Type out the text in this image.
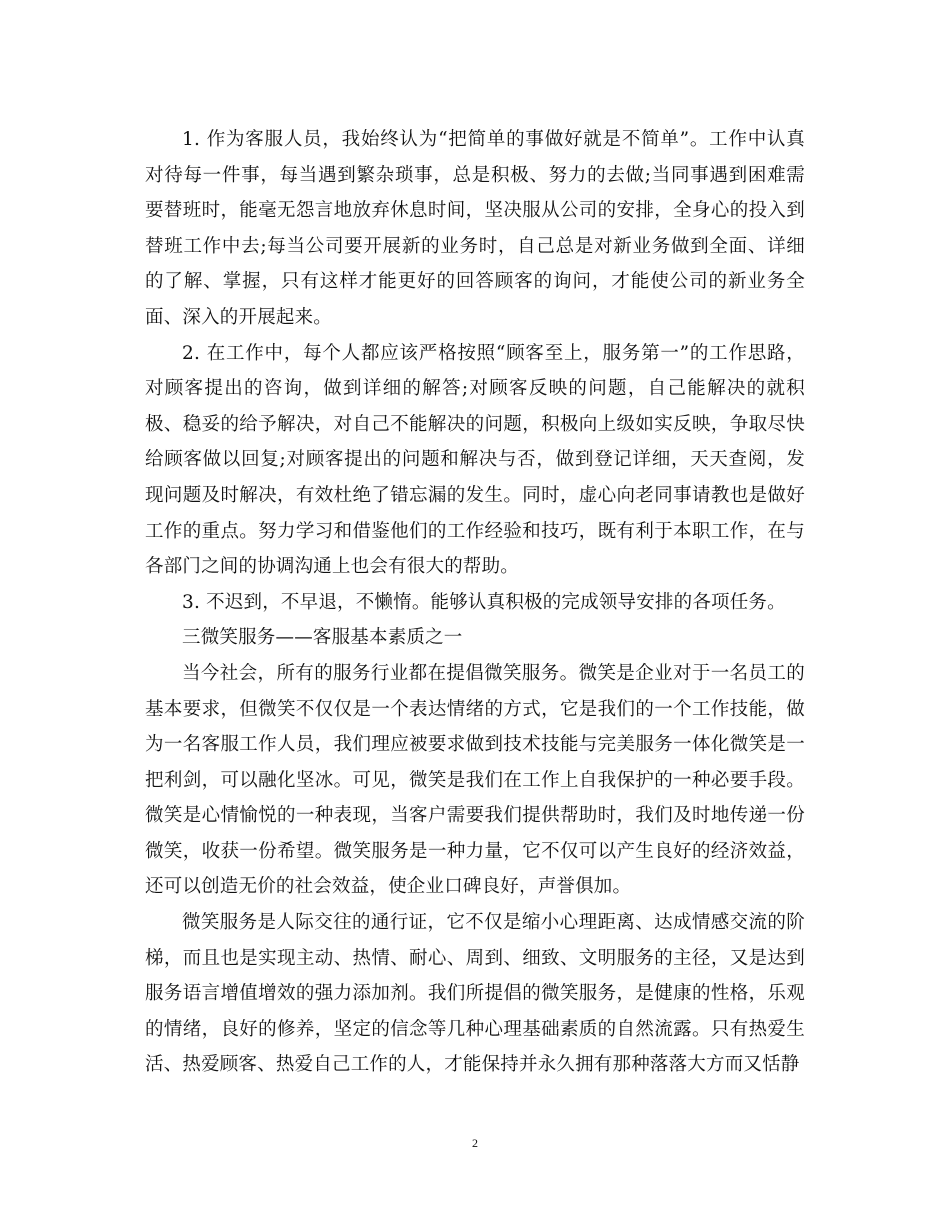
1. 作为客服人员，我始终认为“把简单的事做好就是不简单”。工作中认真对待每一件事，每当遇到繁杂琐事，总是积极、努力的去做;当同事遇到困难需要替班时，能毫无怨言地放弃休息时间，坚决服从公司的安排，全身心的投入到替班工作中去;每当公司要开展新的业务时，自己总是对新业务做到全面、详细的了解、掌握，只有这样才能更好的回答顾客的询问，才能使公司的新业务全面、深入的开展起来。

2. 在工作中，每个人都应该严格按照“顾客至上，服务第一”的工作思路，对顾客提出的咨询，做到详细的解答;对顾客反映的问题，自己能解决的就积极、稳妥的给予解决，对自己不能解决的问题，积极向上级如实反映，争取尽快给顾客做以回复;对顾客提出的问题和解决与否，做到登记详细，天天查阅，发现问题及时解决，有效杜绝了错忘漏的发生。同时，虚心向老同事请教也是做好工作的重点。努力学习和借鉴他们的工作经验和技巧，既有利于本职工作，在与各部门之间的协调沟通上也会有很大的帮助。

3. 不迟到，不早退，不懒惰。能够认真积极的完成领导安排的各项任务。

三微笑服务——客服基本素质之一

当今社会，所有的服务行业都在提倡微笑服务。微笑是企业对于一名员工的基本要求，但微笑不仅仅是一个表达情绪的方式，它是我们的一个工作技能，做为一名客服工作人员，我们理应被要求做到技术技能与完美服务一体化微笑是一把利剑，可以融化坚冰。可见，微笑是我们在工作上自我保护的一种必要手段。微笑是心情愉悦的一种表现，当客户需要我们提供帮助时，我们及时地传递一份微笑，收获一份希望。微笑服务是一种力量，它不仅可以产生良好的经济效益，还可以创造无价的社会效益，使企业口碑良好，声誉俱加。

微笑服务是人际交往的通行证，它不仅是缩小心理距离、达成情感交流的阶梯，而且也是实现主动、热情、耐心、周到、细致、文明服务的主径，又是达到服务语言增值增效的强力添加剂。我们所提倡的微笑服务，是健康的性格，乐观的情绪，良好的修养，坚定的信念等几种心理基础素质的自然流露。只有热爱生活、热爱顾客、热爱自己工作的人，才能保持并永久拥有那种落落大方而又恬静

2
